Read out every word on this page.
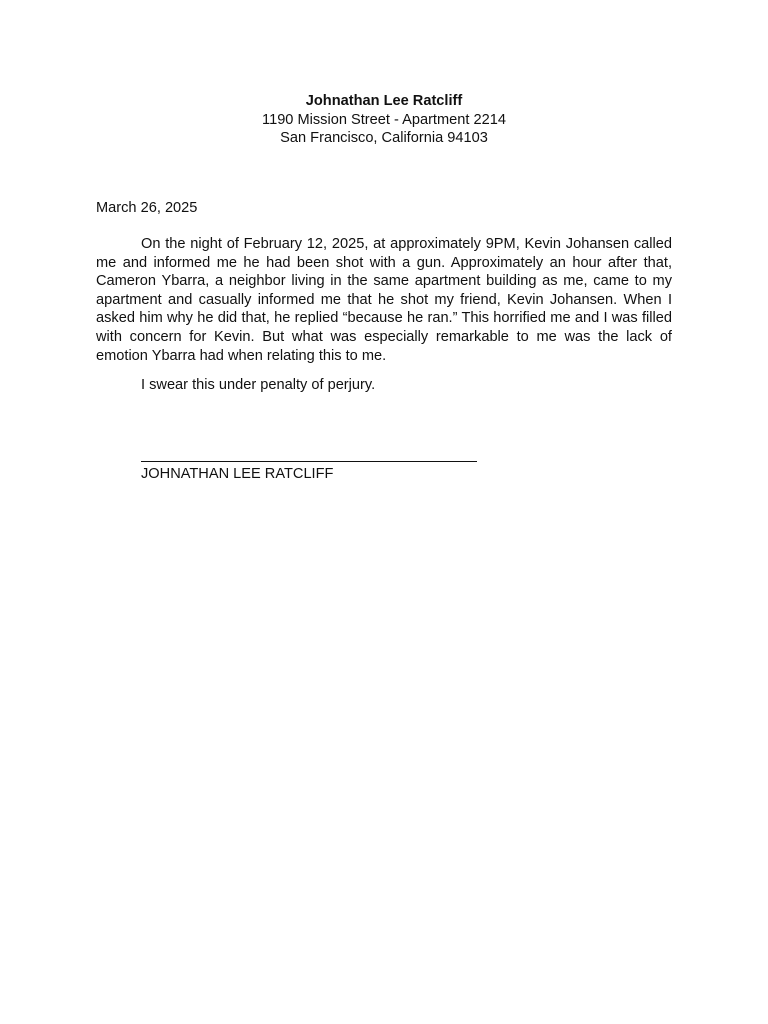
Johnathan Lee Ratcliff
1190 Mission Street - Apartment 2214
San Francisco, California 94103
March 26, 2025

On the night of February 12, 2025, at approximately 9PM, Kevin Johansen called me and informed me he had been shot with a gun. Approximately an hour after that, Cameron Ybarra, a neighbor living in the same apartment building as me, came to my apartment and casually informed me that he shot my friend, Kevin Johansen. When I asked him why he did that, he replied “because he ran.” This horrified me and I was filled with concern for Kevin. But what was especially remarkable to me was the lack of emotion Ybarra had when relating this to me.

I swear this under penalty of perjury.
JOHNATHAN LEE RATCLIFF
